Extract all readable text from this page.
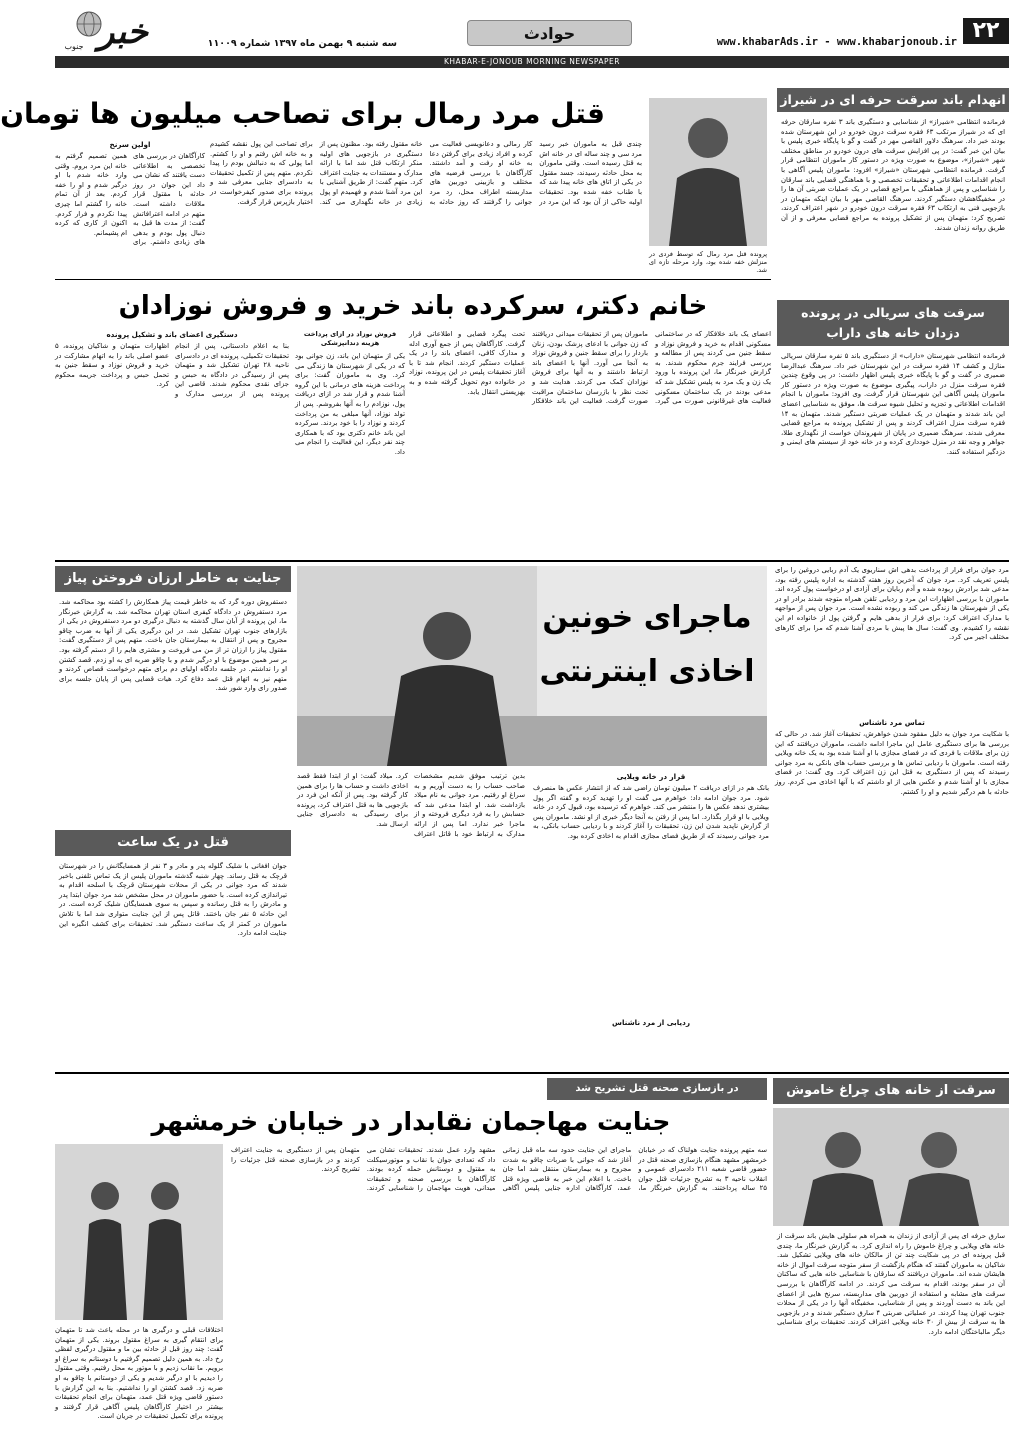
۲۲
www.khabarAds.ir - www.khabarjonoub.ir
حوادث
سه شنبه ۹ بهمن ماه ۱۳۹۷ شماره ۱۱۰۰۹
خبر
جنوب
KHABAR-E-JONOUB MORNING NEWSPAPER
انهدام باند سرقت حرفه ای در شیراز
فرمانده انتظامی «شیراز» از شناسایی و دستگیری باند ۳ نفره سارقان حرفه ای که در شیراز مرتکب ۶۳ فقره سرقت درون خودرو در این شهرستان شده بودند خبر داد. سرهنگ دلاور القاصی مهر در گفت و گو با پایگاه خبری پلیس با بیان این خبر گفت: در پی افزایش سرقت های درون خودرو در مناطق مختلف شهر «شیراز»، موضوع به صورت ویژه در دستور کار ماموران انتظامی قرار گرفت. فرمانده انتظامی شهرستان «شیراز» افزود: ماموران پلیس آگاهی با انجام اقدامات اطلاعاتی و تحقیقات تخصصی و با هماهنگی قضایی باند سارقان را شناسایی و پس از هماهنگی با مراجع قضایی در یک عملیات ضربتی آن ها را در مخفیگاهشان دستگیر کردند. سرهنگ القاصی مهر با بیان اینکه متهمان در بازجویی فنی به ارتکاب ۶۳ فقره سرقت درون خودرو در شهر اعتراف کردند، تصریح کرد: متهمان پس از تشکیل پرونده به مراجع قضایی معرفی و از آن طریق روانه زندان شدند.
سرقت های سریالی در پرونده دزدان خانه های داراب
فرمانده انتظامی شهرستان «داراب» از دستگیری باند ۵ نفره سارقان سریالی منازل و کشف ۱۴ فقره سرقت در این شهرستان خبر داد. سرهنگ عبدالرضا ضمیری در گفت و گو با پایگاه خبری پلیس اظهار داشت: در پی وقوع چندین فقره سرقت منزل در داراب، پیگیری موضوع به صورت ویژه در دستور کار ماموران پلیس آگاهی این شهرستان قرار گرفت. وی افزود: ماموران با انجام اقدامات اطلاعاتی و تجزیه و تحلیل شیوه سرقت ها، موفق به شناسایی اعضای این باند شدند و متهمان در یک عملیات ضربتی دستگیر شدند. متهمان به ۱۴ فقره سرقت منزل اعتراف کردند و پس از تشکیل پرونده به مراجع قضایی معرفی شدند. سرهنگ ضمیری در پایان از شهروندان خواست از نگهداری طلا، جواهر و وجه نقد در منزل خودداری کرده و در خانه خود از سیستم های ایمنی و دزدگیر استفاده کنند.
قتل مرد رمال برای تصاحب میلیون ها تومان
پرونده قتل مرد رمال که توسط فردی در منزلش خفه شده بود، وارد مرحله تازه ای شد.
چندی قبل به ماموران خبر رسید مرد سی و چند ساله ای در خانه اش به قتل رسیده است. وقتی ماموران به محل حادثه رسیدند، جسد مقتول در یکی از اتاق های خانه پیدا شد که با طناب خفه شده بود. تحقیقات اولیه حاکی از آن بود که این مرد در کار رمالی و دعانویسی فعالیت می کرده و افراد زیادی برای گرفتن دعا به خانه او رفت و آمد داشتند. کارآگاهان با بررسی فرضیه های مختلف و بازبینی دوربین های مداربسته اطراف محل، رد مرد جوانی را گرفتند که روز حادثه به خانه مقتول رفته بود. مظنون پس از دستگیری در بازجویی های اولیه منکر ارتکاب قتل شد اما با ارائه مدارک و مستندات به جنایت اعتراف کرد. متهم گفت: از طریق آشنایی با این مرد آشنا شدم و فهمیدم او پول زیادی در خانه نگهداری می کند. برای تصاحب این پول نقشه کشیدم و به خانه اش رفتم و او را کشتم. اما پولی که به دنبالش بودم را پیدا نکردم. متهم پس از تکمیل تحقیقات به دادسرای جنایی معرفی شد و پرونده برای صدور کیفرخواست در اختیار بازپرس قرار گرفت.
اولین سرنخ
کارآگاهان در بررسی های تخصصی به اطلاعاتی دست یافتند که نشان می داد این جوان در روز حادثه با مقتول قرار ملاقات داشته است. متهم در ادامه اعترافاتش گفت: از مدت ها قبل به دنبال پول بودم و بدهی های زیادی داشتم. برای همین تصمیم گرفتم به خانه این مرد بروم. وقتی وارد خانه شدم با او درگیر شدم و او را خفه کردم. بعد از آن تمام خانه را گشتم اما چیزی پیدا نکردم و فرار کردم. اکنون از کاری که کرده ام پشیمانم.
خانم دکتر، سرکرده باند خرید و فروش نوزادان
اعضای یک باند خلافکار که در ساختمانی مسکونی اقدام به خرید و فروش نوزاد و سقط جنین می کردند پس از مطالعه و بررسی فرایند جرم محکوم شدند. به گزارش خبرنگار ما، این پرونده با ورود یک زن و یک مرد به پلیس تشکیل شد که مدعی بودند در یک ساختمان مسکونی فعالیت های غیرقانونی صورت می گیرد. ماموران پس از تحقیقات میدانی دریافتند که زن جوانی با ادعای پزشک بودن، زنان باردار را برای سقط جنین و فروش نوزاد به آنجا می آورد. آنها با اعضای باند ارتباط داشتند و به آنها برای فروش نوزادان کمک می کردند. هدایت شد و تحت نظر با بازرسان ساختمان مراقبت صورت گرفت. فعالیت این باند خلافکار تحت پیگرد قضایی و اطلاعاتی قرار گرفت. کارآگاهان پس از جمع آوری ادله و مدارک کافی، اعضای باند را در یک عملیات دستگیر کردند. انجام شد تا با آغاز تحقیقات پلیس در این پرونده، نوزاد در خانواده دوم تحویل گرفته شده و به بهزیستی انتقال یابد.
فروش نوزاد در ازای پرداخت هزینه دندانپزشکی
یکی از متهمان این باند، زن جوانی بود که در یکی از شهرستان ها زندگی می کرد. وی به ماموران گفت: برای پرداخت هزینه های درمانی با این گروه آشنا شدم و قرار شد در ازای دریافت پول، نوزادم را به آنها بفروشم. پس از تولد نوزاد، آنها مبلغی به من پرداخت کردند و نوزاد را با خود بردند. سرکرده این باند خانم دکتری بود که با همکاری چند نفر دیگر، این فعالیت را انجام می داد.
دستگیری اعضای باند و تشکیل پرونده
بنا به اعلام دادستانی، پس از انجام تحقیقات تکمیلی، پرونده ای در دادسرای ناحیه ۲۸ تهران تشکیل شد و متهمان پس از رسیدگی در دادگاه به حبس و جزای نقدی محکوم شدند. قاضی این پرونده پس از بررسی مدارک و اظهارات متهمان و شاکیان پرونده، ۵ عضو اصلی باند را به اتهام مشارکت در خرید و فروش نوزاد و سقط جنین به تحمل حبس و پرداخت جریمه محکوم کرد.
جنایت به خاطر ارزان فروختن پیاز
دستفروش دوره گرد که به خاطر قیمت پیاز همکارش را کشته بود محاکمه شد. مرد دستفروش در دادگاه کیفری استان تهران محاکمه شد. به گزارش خبرنگار ما، این پرونده از آبان سال گذشته به دنبال درگیری دو مرد دستفروش در یکی از بازارهای جنوب تهران تشکیل شد. در این درگیری یکی از آنها به ضرب چاقو مجروح و پس از انتقال به بیمارستان جان باخت. متهم پس از دستگیری گفت: مقتول پیاز را ارزان تر از من می فروخت و مشتری هایم را از دستم گرفته بود. بر سر همین موضوع با او درگیر شدم و با چاقو ضربه ای به او زدم. قصد کشتن او را نداشتم. در جلسه دادگاه اولیای دم برای متهم درخواست قصاص کردند و متهم نیز به اتهام قتل عمد دفاع کرد. هیات قضایی پس از پایان جلسه برای صدور رای وارد شور شد.
قتل در یک ساعت
جوان افغانی با شلیک گلوله پدر و مادر و ۳ نفر از همسایگانش را در شهرستان قرچک به قتل رساند. چهار شنبه گذشته ماموران پلیس از یک تماس تلفنی باخبر شدند که مرد جوانی در یکی از محلات شهرستان قرچک با اسلحه اقدام به تیراندازی کرده است. با حضور ماموران در محل مشخص شد مرد جوان ابتدا پدر و مادرش را به قتل رسانده و سپس به سوی همسایگان شلیک کرده است. در این حادثه ۵ نفر جان باختند. قاتل پس از این جنایت متواری شد اما با تلاش ماموران در کمتر از یک ساعت دستگیر شد. تحقیقات برای کشف انگیزه این جنایت ادامه دارد.
ماجرای خونین
اخاذی اینترنتی
مرد جوان برای فرار از پرداخت بدهی اش سناریوی یک آدم ربایی دروغین را برای پلیس تعریف کرد. مرد جوان که آخرین روز هفته گذشته به اداره پلیس رفته بود، مدعی شد برادرش ربوده شده و آدم ربایان برای آزادی او درخواست پول کرده اند. ماموران با بررسی اظهارات این مرد و ردیابی تلفن همراه متوجه شدند برادر او در یکی از شهرستان ها زندگی می کند و ربوده نشده است. مرد جوان پس از مواجهه با مدارک اعتراف کرد: برای فرار از بدهی هایم و گرفتن پول از خانواده ام این نقشه را کشیدم. وی گفت: سال ها پیش با مردی آشنا شدم که مرا برای کارهای مختلف اجیر می کرد.
تماس مرد ناشناس
با شکایت مرد جوان به دلیل مفقود شدن خواهرش، تحقیقات آغاز شد. در حالی که بررسی ها برای دستگیری عامل این ماجرا ادامه داشت، ماموران دریافتند که این زن برای ملاقات با فردی که در فضای مجازی با او آشنا شده بود به یک خانه ویلایی رفته است. ماموران با ردیابی تماس ها و بررسی حساب های بانکی به مرد جوانی رسیدند که پس از دستگیری به قتل این زن اعتراف کرد. وی گفت: در فضای مجازی با او آشنا شدم و عکس هایی از او داشتم که با آنها اخاذی می کردم. روز حادثه با هم درگیر شدیم و او را کشتم.
بدین ترتیب موفق شدیم مشخصات صاحب حساب را به دست آوریم و به سراغ او رفتیم. مرد جوانی به نام میلاد بازداشت شد. او ابتدا مدعی شد که حسابش را به فرد دیگری فروخته و از ماجرا خبر ندارد. اما پس از ارائه مدارک به ارتباط خود با قاتل اعتراف کرد. میلاد گفت: او از ابتدا فقط قصد اخاذی داشت و حساب ها را برای همین کار گرفته بود. پس از آنکه این فرد در بازجویی ها به قتل اعتراف کرد، پرونده برای رسیدگی به دادسرای جنایی ارسال شد.
قرار در خانه ویلایی
بانک هم در ازای دریافت ۲ میلیون تومان راضی شد که از انتشار عکس ها منصرف شود. مرد جوان ادامه داد: خواهرم می گفت او را تهدید کرده و گفته اگر پول بیشتری ندهد عکس ها را منتشر می کند. خواهرم که ترسیده بود، قبول کرد در خانه ویلایی با او قرار بگذارد. اما پس از رفتن به آنجا دیگر خبری از او نشد. ماموران پس از گزارش ناپدید شدن این زن، تحقیقات را آغاز کردند و با ردیابی حساب بانکی، به مرد جوانی رسیدند که از طریق فضای مجازی اقدام به اخاذی کرده بود.
ردیابی از مرد ناشناس
سرقت از خانه های چراغ خاموش
سارق حرفه ای پس از آزادی از زندان به همراه هم سلولی هایش باند سرقت از خانه های ویلایی و چراغ خاموش را راه اندازی کرد. به گزارش خبرنگار ما، چندی قبل پرونده ای در پی شکایت چند تن از مالکان خانه های ویلایی تشکیل شد. شاکیان به ماموران گفتند که هنگام بازگشت از سفر متوجه سرقت اموال از خانه هایشان شده اند. ماموران دریافتند که سارقان با شناسایی خانه هایی که ساکنان آن در سفر بودند، اقدام به سرقت می کردند. در ادامه کارآگاهان با بررسی سرقت های مشابه و استفاده از دوربین های مداربسته، سرنخ هایی از اعضای این باند به دست آوردند و پس از شناسایی، مخفیگاه آنها را در یکی از محلات جنوب تهران پیدا کردند. در عملیاتی ضربتی ۴ سارق دستگیر شدند و در بازجویی ها به سرقت از بیش از ۳۰ خانه ویلایی اعتراف کردند. تحقیقات برای شناسایی دیگر مالباختگان ادامه دارد.
در بازسازی صحنه قتل تشریح شد
جنایت مهاجمان نقابدار در خیابان خرمشهر
سه متهم پرونده جنایت هولناک که در خیابان خرمشهر مشهد هنگام بازسازی صحنه قتل در حضور قاضی شعبه ۲۱۱ دادسرای عمومی و انقلاب ناحیه ۳ به تشریح جزئیات قتل جوان ۲۵ ساله پرداختند. به گزارش خبرنگار ما، ماجرای این جنایت حدود سه ماه قبل زمانی آغاز شد که جوانی با ضربات چاقو به شدت مجروح و به بیمارستان منتقل شد اما جان باخت. با اعلام این خبر به قاضی ویژه قتل عمد، کارآگاهان اداره جنایی پلیس آگاهی مشهد وارد عمل شدند. تحقیقات نشان می داد که تعدادی جوان با نقاب و موتورسیکلت به مقتول و دوستانش حمله کرده بودند. کارآگاهان با بررسی صحنه و تحقیقات میدانی، هویت مهاجمان را شناسایی کردند. متهمان پس از دستگیری به جنایت اعتراف کردند و در بازسازی صحنه قتل جزئیات را تشریح کردند.
اختلافات قبلی و درگیری ها در محله باعث شد تا متهمان برای انتقام گیری به سراغ مقتول بروند. یکی از متهمان گفت: چند روز قبل از حادثه بین ما و مقتول درگیری لفظی رخ داد. به همین دلیل تصمیم گرفتیم با دوستانم به سراغ او برویم. ما نقاب زدیم و با موتور به محل رفتیم. وقتی مقتول را دیدیم با او درگیر شدیم و یکی از دوستانم با چاقو به او ضربه زد. قصد کشتن او را نداشتیم. بنا به این گزارش با دستور قاضی ویژه قتل عمد، متهمان برای انجام تحقیقات بیشتر در اختیار کارآگاهان پلیس آگاهی قرار گرفتند و پرونده برای تکمیل تحقیقات در جریان است.
